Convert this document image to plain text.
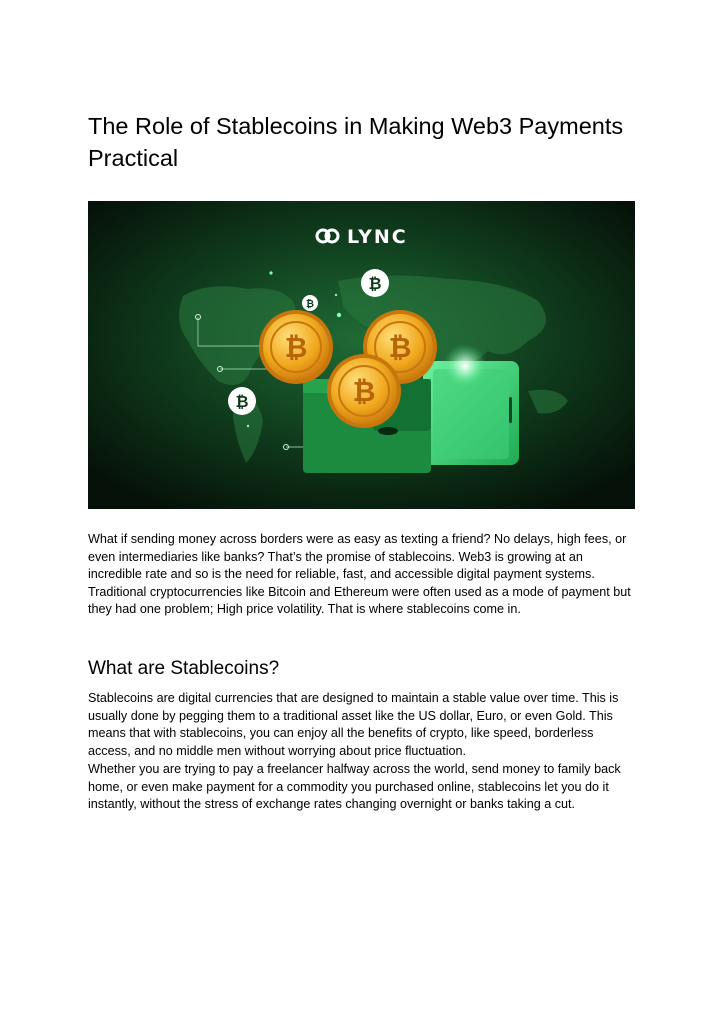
The Role of Stablecoins in Making Web3 Payments Practical
₿	₿
₿
₿
₿
₿
LYNC

What if sending money across borders were as easy as texting a friend? No delays, high fees, or even intermediaries like banks? That’s the promise of stablecoins. Web3 is growing at an incredible rate and so is the need for reliable, fast, and accessible digital payment systems. Traditional cryptocurrencies like Bitcoin and Ethereum were often used as a mode of payment but they had one problem; High price volatility. That is where stablecoins come in.

What are Stablecoins?

Stablecoins are digital currencies that are designed to maintain a stable value over time. This is usually done by pegging them to a traditional asset like the US dollar, Euro, or even Gold. This means that with stablecoins, you can enjoy all the benefits of crypto, like speed, borderless access, and no middle men without worrying about price fluctuation.

Whether you are trying to pay a freelancer halfway across the world, send money to family back home, or even make payment for a commodity you purchased online, stablecoins let you do it instantly, without the stress of exchange rates changing overnight or banks taking a cut.
